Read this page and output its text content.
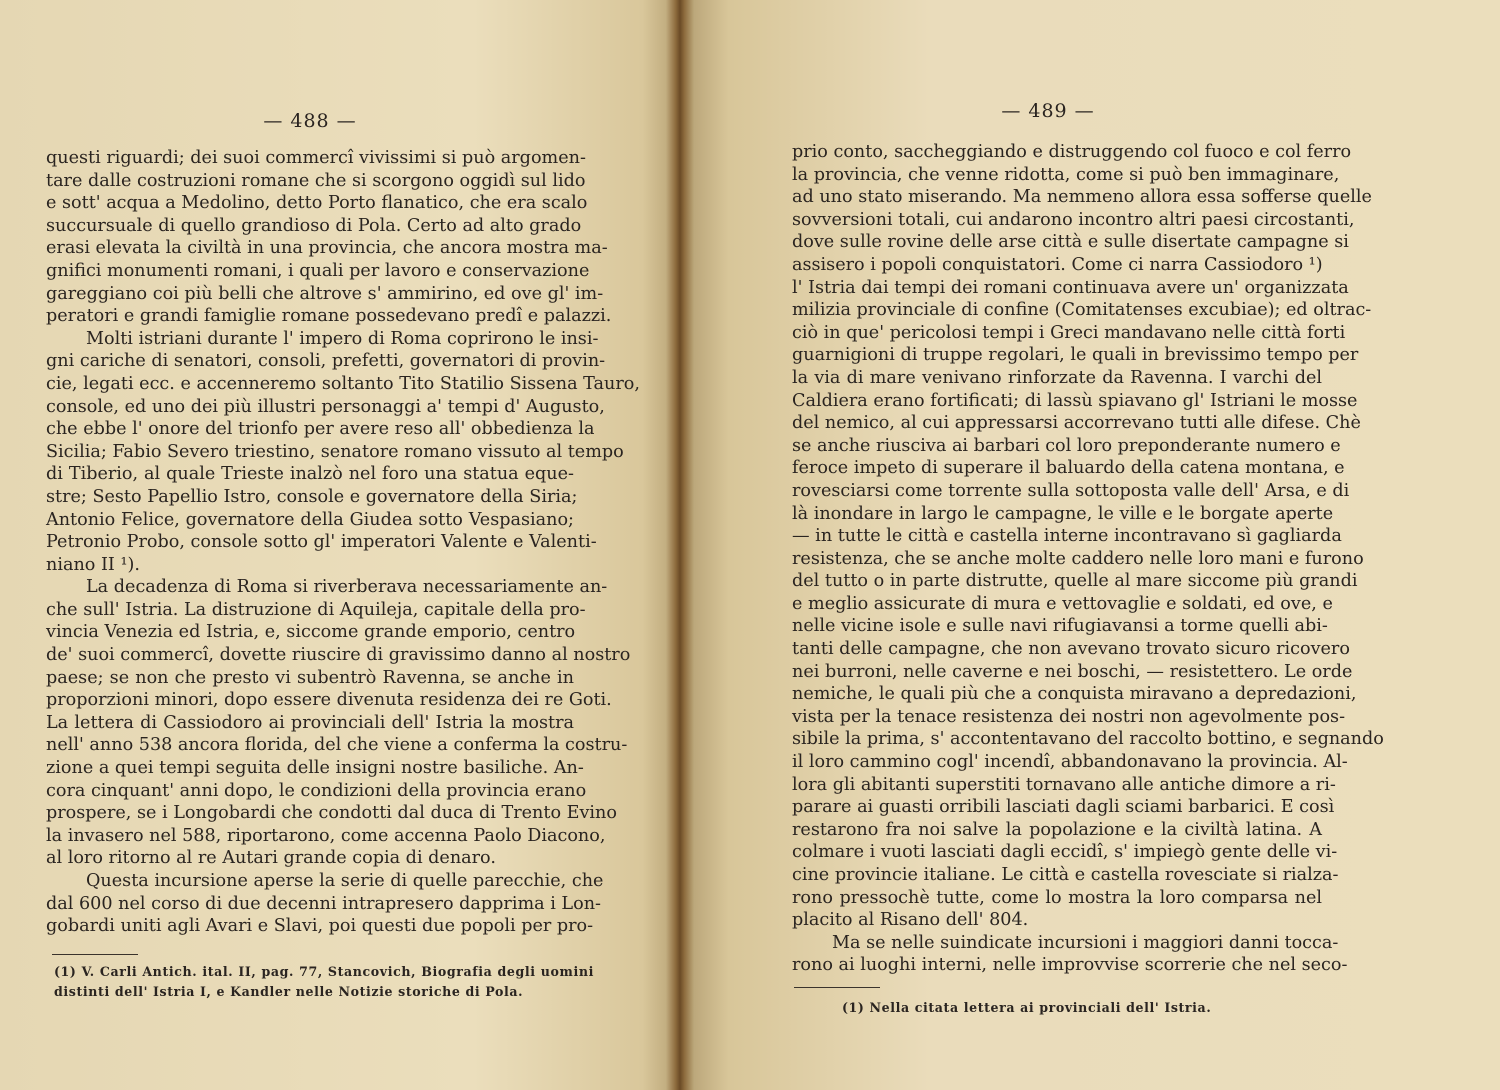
— 488 —
questi riguardi; dei suoi commercî vivissimi si può argomen-
tare dalle costruzioni romane che si scorgono oggidì sul lido
e sott' acqua a Medolino, detto Porto flanatico, che era scalo
succursuale di quello grandioso di Pola. Certo ad alto grado
erasi elevata la civiltà in una provincia, che ancora mostra ma-
gnifici monumenti romani, i quali per lavoro e conservazione
gareggiano coi più belli che altrove s' ammirino, ed ove gl' im-
peratori e grandi famiglie romane possedevano predî e palazzi.
Molti istriani durante l' impero di Roma coprirono le insi-
gni cariche di senatori, consoli, prefetti, governatori di provin-
cie, legati ecc. e accenneremo soltanto Tito Statilio Sissena Tauro,
console, ed uno dei più illustri personaggi a' tempi d' Augusto,
che ebbe l' onore del trionfo per avere reso all' obbedienza la
Sicilia; Fabio Severo triestino, senatore romano vissuto al tempo
di Tiberio, al quale Trieste inalzò nel foro una statua eque-
stre; Sesto Papellio Istro, console e governatore della Siria;
Antonio Felice, governatore della Giudea sotto Vespasiano;
Petronio Probo, console sotto gl' imperatori Valente e Valenti-
niano II ¹).
La decadenza di Roma si riverberava necessariamente an-
che sull' Istria. La distruzione di Aquileja, capitale della pro-
vincia Venezia ed Istria, e, siccome grande emporio, centro
de' suoi commercî, dovette riuscire di gravissimo danno al nostro
paese; se non che presto vi subentrò Ravenna, se anche in
proporzioni minori, dopo essere divenuta residenza dei re Goti.
La lettera di Cassiodoro ai provinciali dell' Istria la mostra
nell' anno 538 ancora florida, del che viene a conferma la costru-
zione a quei tempi seguita delle insigni nostre basiliche. An-
cora cinquant' anni dopo, le condizioni della provincia erano
prospere, se i Longobardi che condotti dal duca di Trento Evino
la invasero nel 588, riportarono, come accenna Paolo Diacono,
al loro ritorno al re Autari grande copia di denaro.
Questa incursione aperse la serie di quelle parecchie, che
dal 600 nel corso di due decenni intrapresero dapprima i Lon-
gobardi uniti agli Avari e Slavi, poi questi due popoli per pro-
(1) V. Carli Antich. ital. II, pag. 77, Stancovich, Biografia degli uomini
distinti dell' Istria I, e Kandler nelle Notizie storiche di Pola.
— 489 —
prio conto, saccheggiando e distruggendo col fuoco e col ferro
la provincia, che venne ridotta, come si può ben immaginare,
ad uno stato miserando. Ma nemmeno allora essa sofferse quelle
sovversioni totali, cui andarono incontro altri paesi circostanti,
dove sulle rovine delle arse città e sulle disertate campagne si
assisero i popoli conquistatori. Come ci narra Cassiodoro ¹)
l' Istria dai tempi dei romani continuava avere un' organizzata
milizia provinciale di confine (Comitatenses excubiae); ed oltrac-
ciò in que' pericolosi tempi i Greci mandavano nelle città forti
guarnigioni di truppe regolari, le quali in brevissimo tempo per
la via di mare venivano rinforzate da Ravenna. I varchi del
Caldiera erano fortificati; di lassù spiavano gl' Istriani le mosse
del nemico, al cui appressarsi accorrevano tutti alle difese. Chè
se anche riusciva ai barbari col loro preponderante numero e
feroce impeto di superare il baluardo della catena montana, e
rovesciarsi come torrente sulla sottoposta valle dell' Arsa, e di
là inondare in largo le campagne, le ville e le borgate aperte
— in tutte le città e castella interne incontravano sì gagliarda
resistenza, che se anche molte caddero nelle loro mani e furono
del tutto o in parte distrutte, quelle al mare siccome più grandi
e meglio assicurate di mura e vettovaglie e soldati, ed ove, e
nelle vicine isole e sulle navi rifugiavansi a torme quelli abi-
tanti delle campagne, che non avevano trovato sicuro ricovero
nei burroni, nelle caverne e nei boschi, — resistettero. Le orde
nemiche, le quali più che a conquista miravano a depredazioni,
vista per la tenace resistenza dei nostri non agevolmente pos-
sibile la prima, s' accontentavano del raccolto bottino, e segnando
il loro cammino cogl' incendî, abbandonavano la provincia. Al-
lora gli abitanti superstiti tornavano alle antiche dimore a ri-
parare ai guasti orribili lasciati dagli sciami barbarici. E così
restarono fra noi salve la popolazione e la civiltà latina. A
colmare i vuoti lasciati dagli eccidî, s' impiegò gente delle vi-
cine provincie italiane. Le città e castella rovesciate si rialza-
rono pressochè tutte, come lo mostra la loro comparsa nel
placito al Risano dell' 804.
Ma se nelle suindicate incursioni i maggiori danni tocca-
rono ai luoghi interni, nelle improvvise scorrerie che nel seco-
(1) Nella citata lettera ai provinciali dell' Istria.
